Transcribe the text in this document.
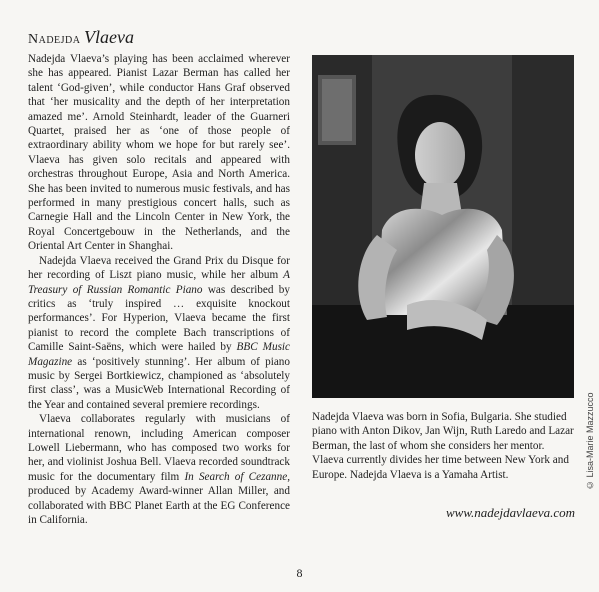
Nadejda Vlaeva

Nadejda Vlaeva’s playing has been acclaimed wherever she has appeared. Pianist Lazar Berman has called her talent ‘God-given’, while conductor Hans Graf observed that ‘her musicality and the depth of her interpretation amazed me’. Arnold Steinhardt, leader of the Guarneri Quartet, praised her as ‘one of those people of extraordinary ability whom we hope for but rarely see’. Vlaeva has given solo recitals and appeared with orchestras throughout Europe, Asia and North America. She has been invited to numerous music festivals, and has performed in many prestigious concert halls, such as Carnegie Hall and the Lincoln Center in New York, the Royal Concertgebouw in the Netherlands, and the Oriental Art Center in Shanghai.

Nadejda Vlaeva received the Grand Prix du Disque for her recording of Liszt piano music, while her album A Treasury of Russian Romantic Piano was described by critics as ‘truly inspired … exquisite knockout performances’. For Hyperion, Vlaeva became the first pianist to record the complete Bach transcriptions of Camille Saint-Saëns, which were hailed by BBC Music Magazine as ‘positively stunning’. Her album of piano music by Sergei Bortkiewicz, championed as ‘absolutely first class’, was a MusicWeb International Recording of the Year and contained several premiere recordings.

Vlaeva collaborates regularly with musicians of international renown, including American composer Lowell Liebermann, who has composed two works for her, and violinist Joshua Bell. Vlaeva recorded soundtrack music for the documentary film In Search of Cezanne, produced by Academy Award-winner Allan Miller, and collaborated with BBC Planet Earth at the EG Conference in California.

© Lisa-Marie Mazzucco

Nadejda Vlaeva was born in Sofia, Bulgaria. She studied piano with Anton Dikov, Jan Wijn, Ruth Laredo and Lazar Berman, the last of whom she considers her mentor. Vlaeva currently divides her time between New York and Europe. Nadejda Vlaeva is a Yamaha Artist.

www.nadejdavlaeva.com

8
